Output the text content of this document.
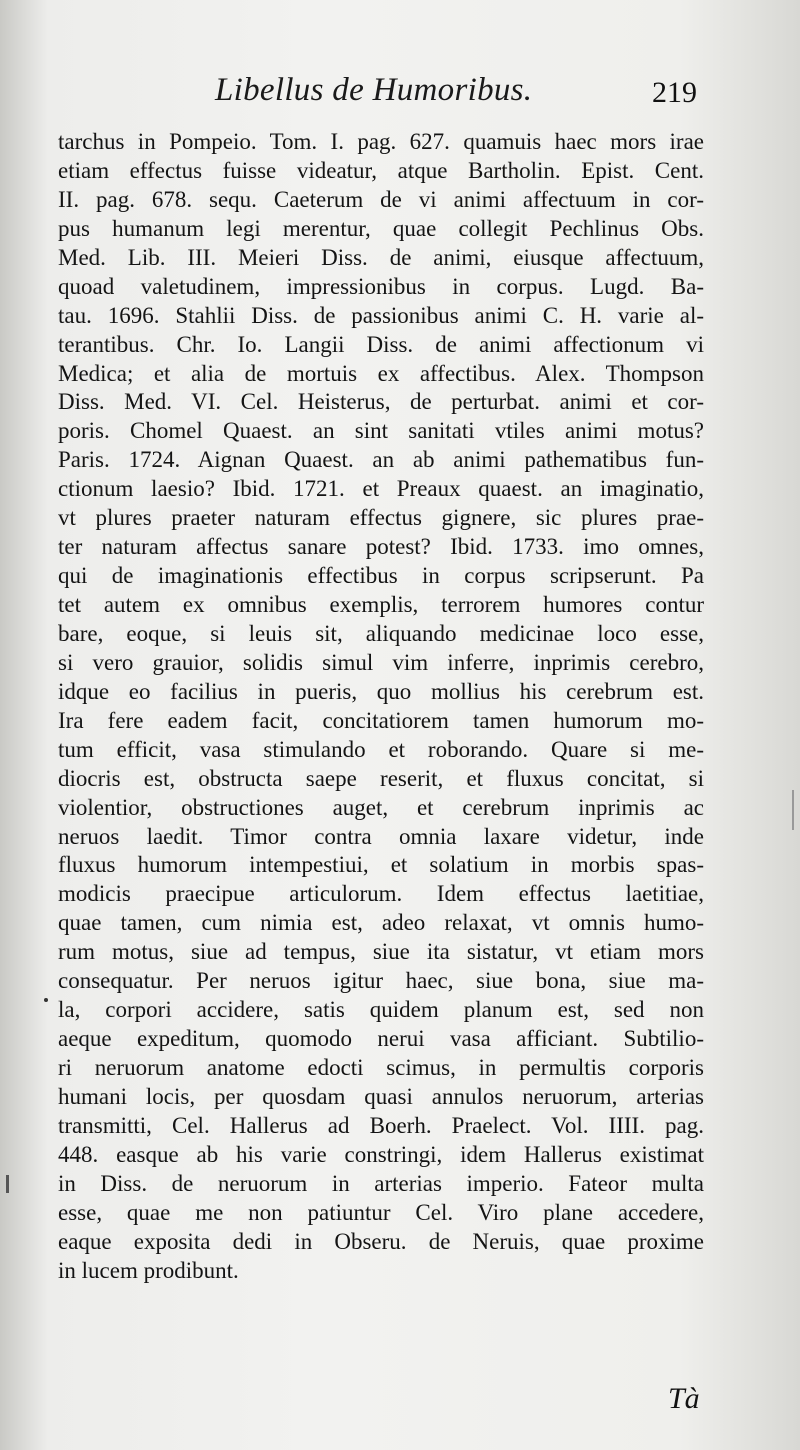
Libellus de Humoribus.	219
tarchus in Pompeio. Tom. I. pag. 627. quamuis haec mors irae
etiam effectus fuisse videatur, atque Bartholin. Epist. Cent.
II. pag. 678. sequ. Caeterum de vi animi affectuum in cor-
pus humanum legi merentur, quae collegit Pechlinus Obs.
Med. Lib. III. Meieri Diss. de animi, eiusque affectuum,
quoad valetudinem, impressionibus in corpus. Lugd. Ba-
tau. 1696. Stahlii Diss. de passionibus animi C. H. varie al-
terantibus. Chr. Io. Langii Diss. de animi affectionum vi
Medica; et alia de mortuis ex affectibus. Alex. Thompson
Diss. Med. VI. Cel. Heisterus, de perturbat. animi et cor-
poris. Chomel Quaest. an sint sanitati vtiles animi motus?
Paris. 1724. Aignan Quaest. an ab animi pathematibus fun-
ctionum laesio? Ibid. 1721. et Preaux quaest. an imaginatio,
vt plures praeter naturam effectus gignere, sic plures prae-
ter naturam affectus sanare potest? Ibid. 1733. imo omnes,
qui de imaginationis effectibus in corpus scripserunt. Pa
tet autem ex omnibus exemplis, terrorem humores contur
bare, eoque, si leuis sit, aliquando medicinae loco esse,
si vero grauior, solidis simul vim inferre, inprimis cerebro,
idque eo facilius in pueris, quo mollius his cerebrum est.
Ira fere eadem facit, concitatiorem tamen humorum mo-
tum efficit, vasa stimulando et roborando. Quare si me-
diocris est, obstructa saepe reserit, et fluxus concitat, si
violentior, obstructiones auget, et cerebrum inprimis ac
neruos laedit. Timor contra omnia laxare videtur, inde
fluxus humorum intempestiui, et solatium in morbis spas-
modicis praecipue articulorum. Idem effectus laetitiae,
quae tamen, cum nimia est, adeo relaxat, vt omnis humo-
rum motus, siue ad tempus, siue ita sistatur, vt etiam mors
consequatur. Per neruos igitur haec, siue bona, siue ma-
la, corpori accidere, satis quidem planum est, sed non
aeque expeditum, quomodo nerui vasa afficiant. Subtilio-
ri neruorum anatome edocti scimus, in permultis corporis
humani locis, per quosdam quasi annulos neruorum, arterias
transmitti, Cel. Hallerus ad Boerh. Praelect. Vol. IIII. pag.
448. easque ab his varie constringi, idem Hallerus existimat
in Diss. de neruorum in arterias imperio. Fateor multa
esse, quae me non patiuntur Cel. Viro plane accedere,
eaque exposita dedi in Obseru. de Neruis, quae proxime
in lucem prodibunt.
Tà
